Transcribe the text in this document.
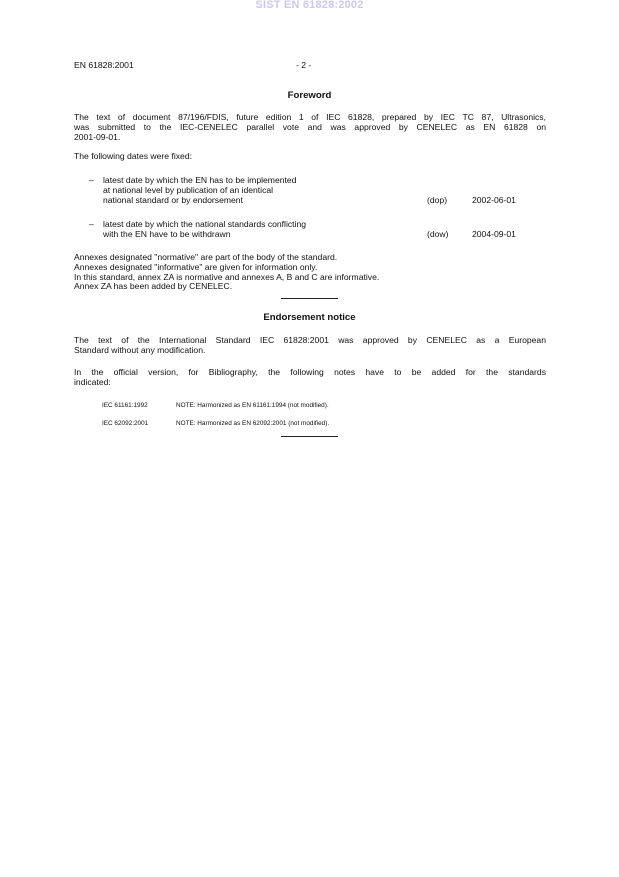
SIST EN 61828:2002
EN 61828:2001	- 2 -
Foreword
The text of document 87/196/FDIS, future edition 1 of IEC 61828, prepared by IEC TC 87, Ultrasonics,
was submitted to the IEC-CENELEC parallel vote and was approved by CENELEC as EN 61828 on
2001-09-01.
The following dates were fixed:
– latest date by which the EN has to be implemented
at national level by publication of an identical
national standard or by endorsement	(dop)	2002-06-01
– latest date by which the national standards conflicting
with the EN have to be withdrawn	(dow)	2004-09-01
Annexes designated "normative" are part of the body of the standard.
Annexes designated "informative" are given for information only.
In this standard, annex ZA is normative and annexes A, B and C are informative.
Annex ZA has been added by CENELEC.
Endorsement notice
The text of the International Standard IEC 61828:2001 was approved by CENELEC as a European
Standard without any modification.
In the official version, for Bibliography, the following notes have to be added for the standards
indicated:
IEC 61161:1992	NOTE: Harmonized as EN 61161:1994 (not modified).
IEC 62092:2001	NOTE: Harmonized as EN 62092:2001 (not modified).
